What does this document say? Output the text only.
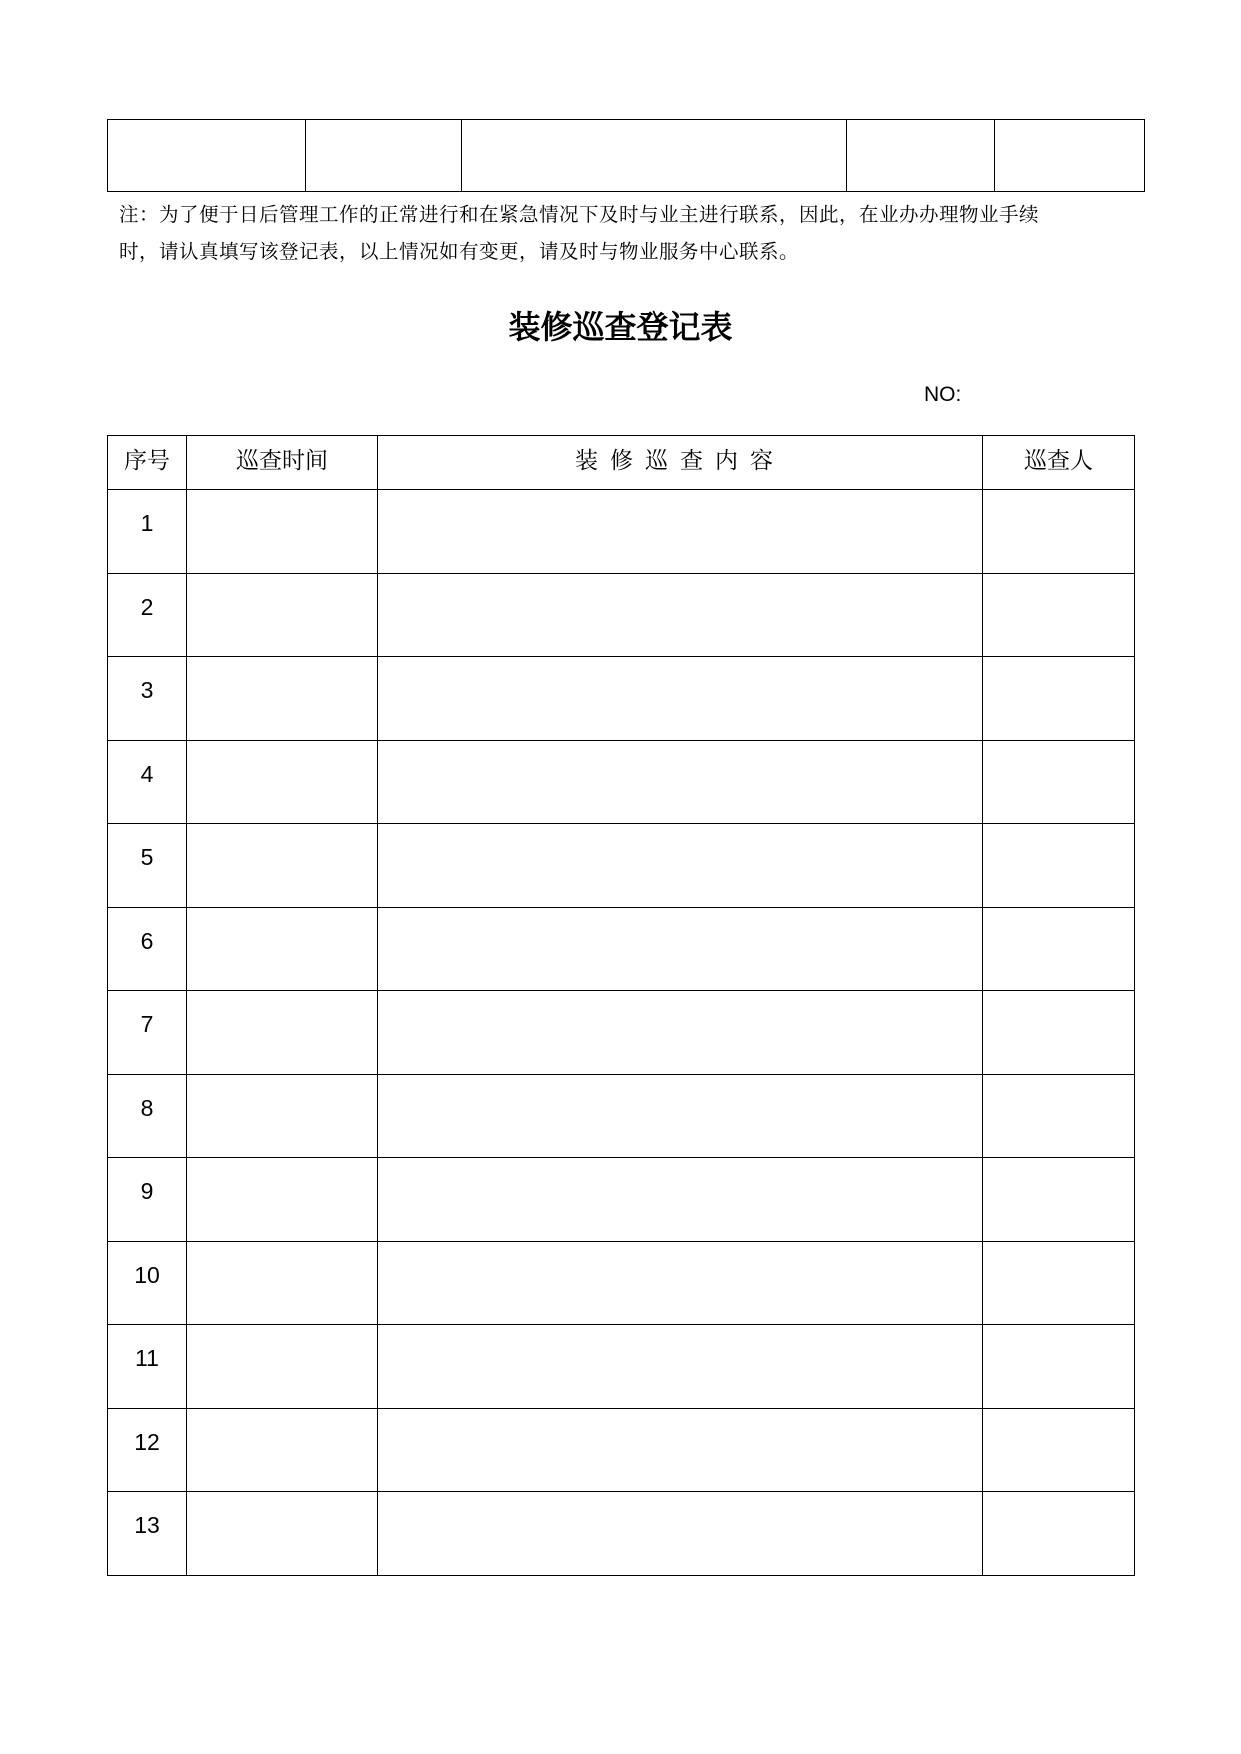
注：为了便于日后管理工作的正常进行和在紧急情况下及时与业主进行联系，因此，在业办办理物业手续
时，请认真填写该登记表，以上情况如有变更，请及时与物业服务中心联系。

装修巡查登记表
NO:
序号	巡查时间	装修巡查内容	巡查人
1			
2			
3			
4			
5			
6			
7			
8			
9			
10			
11			
12			
13			
